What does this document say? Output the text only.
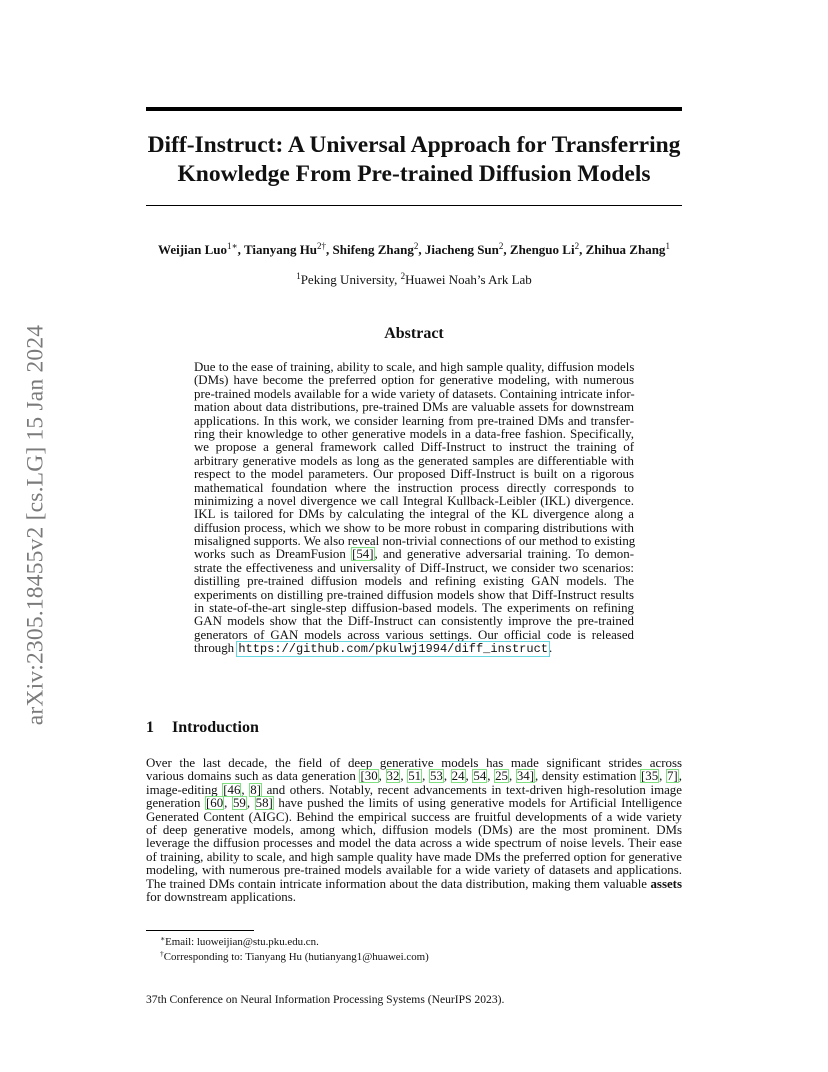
arXiv:2305.18455v2 [cs.LG] 15 Jan 2024
Diff-Instruct: A Universal Approach for Transferring
Knowledge From Pre-trained Diffusion Models
Weijian Luo$^{1∗}$, Tianyang $Hu^{2\dagger}$, Shifeng Zhang$^2$, Jiacheng Sun$^2$, Zhenguo Li$^2$, Zhihua Zhang$^1$
$^1$Peking University, $^2$Huawei Noah’s Ark Lab
Abstract
Due to the ease of training, ability to scale, and high sample quality, diffusion models
(DMs) have become the preferred option for generative modeling, with numerous
pre-trained models available for a wide variety of datasets. Containing intricate infor-
mation about data distributions, pre-trained DMs are valuable assets for downstream
applications. In this work, we consider learning from pre-trained DMs and transfer-
ring their knowledge to other generative models in a data-free fashion. Specifically,
we propose a general framework called Diff-Instruct to instruct the training of
arbitrary generative models as long as the generated samples are differentiable with
respect to the model parameters. Our proposed Diff-Instruct is built on a rigorous
mathematical foundation where the instruction process directly corresponds to
minimizing a novel divergence we call Integral Kullback-Leibler (IKL) divergence.
IKL is tailored for DMs by calculating the integral of the KL divergence along a
diffusion process, which we show to be more robust in comparing distributions with
misaligned supports. We also reveal non-trivial connections of our method to existing
works such as DreamFusion [54], and generative adversarial training. To demon-
strate the effectiveness and universality of Diff-Instruct, we consider two scenarios:
distilling pre-trained diffusion models and refining existing GAN models. The
experiments on distilling pre-trained diffusion models show that Diff-Instruct results
in state-of-the-art single-step diffusion-based models. The experiments on refining
GAN models show that the Diff-Instruct can consistently improve the pre-trained
generators of GAN models across various settings. Our official code is released
through https://github.com/pkulwj1994/diff_instruct.
1 Introduction
Over the last decade, the field of deep generative models has made significant strides across
various domains such as data generation [30, 32, 51, 53, 24, 54, 25, 34], density estimation [35, 7],
image-editing [46, 8] and others. Notably, recent advancements in text-driven high-resolution image
generation [60, 59, 58] have pushed the limits of using generative models for Artificial Intelligence
Generated Content (AIGC). Behind the empirical success are fruitful developments of a wide variety
of deep generative models, among which, diffusion models (DMs) are the most prominent. DMs
leverage the diffusion processes and model the data across a wide spectrum of noise levels. Their ease
of training, ability to scale, and high sample quality have made DMs the preferred option for generative
modeling, with numerous pre-trained models available for a wide variety of datasets and applications.
The trained DMs contain intricate information about the data distribution, making them valuable assets
for downstream applications.
∗Email: luoweijian@stu.pku.edu.cn.
†Corresponding to: Tianyang Hu (hutianyang1@huawei.com)
37th Conference on Neural Information Processing Systems (NeurIPS 2023).
